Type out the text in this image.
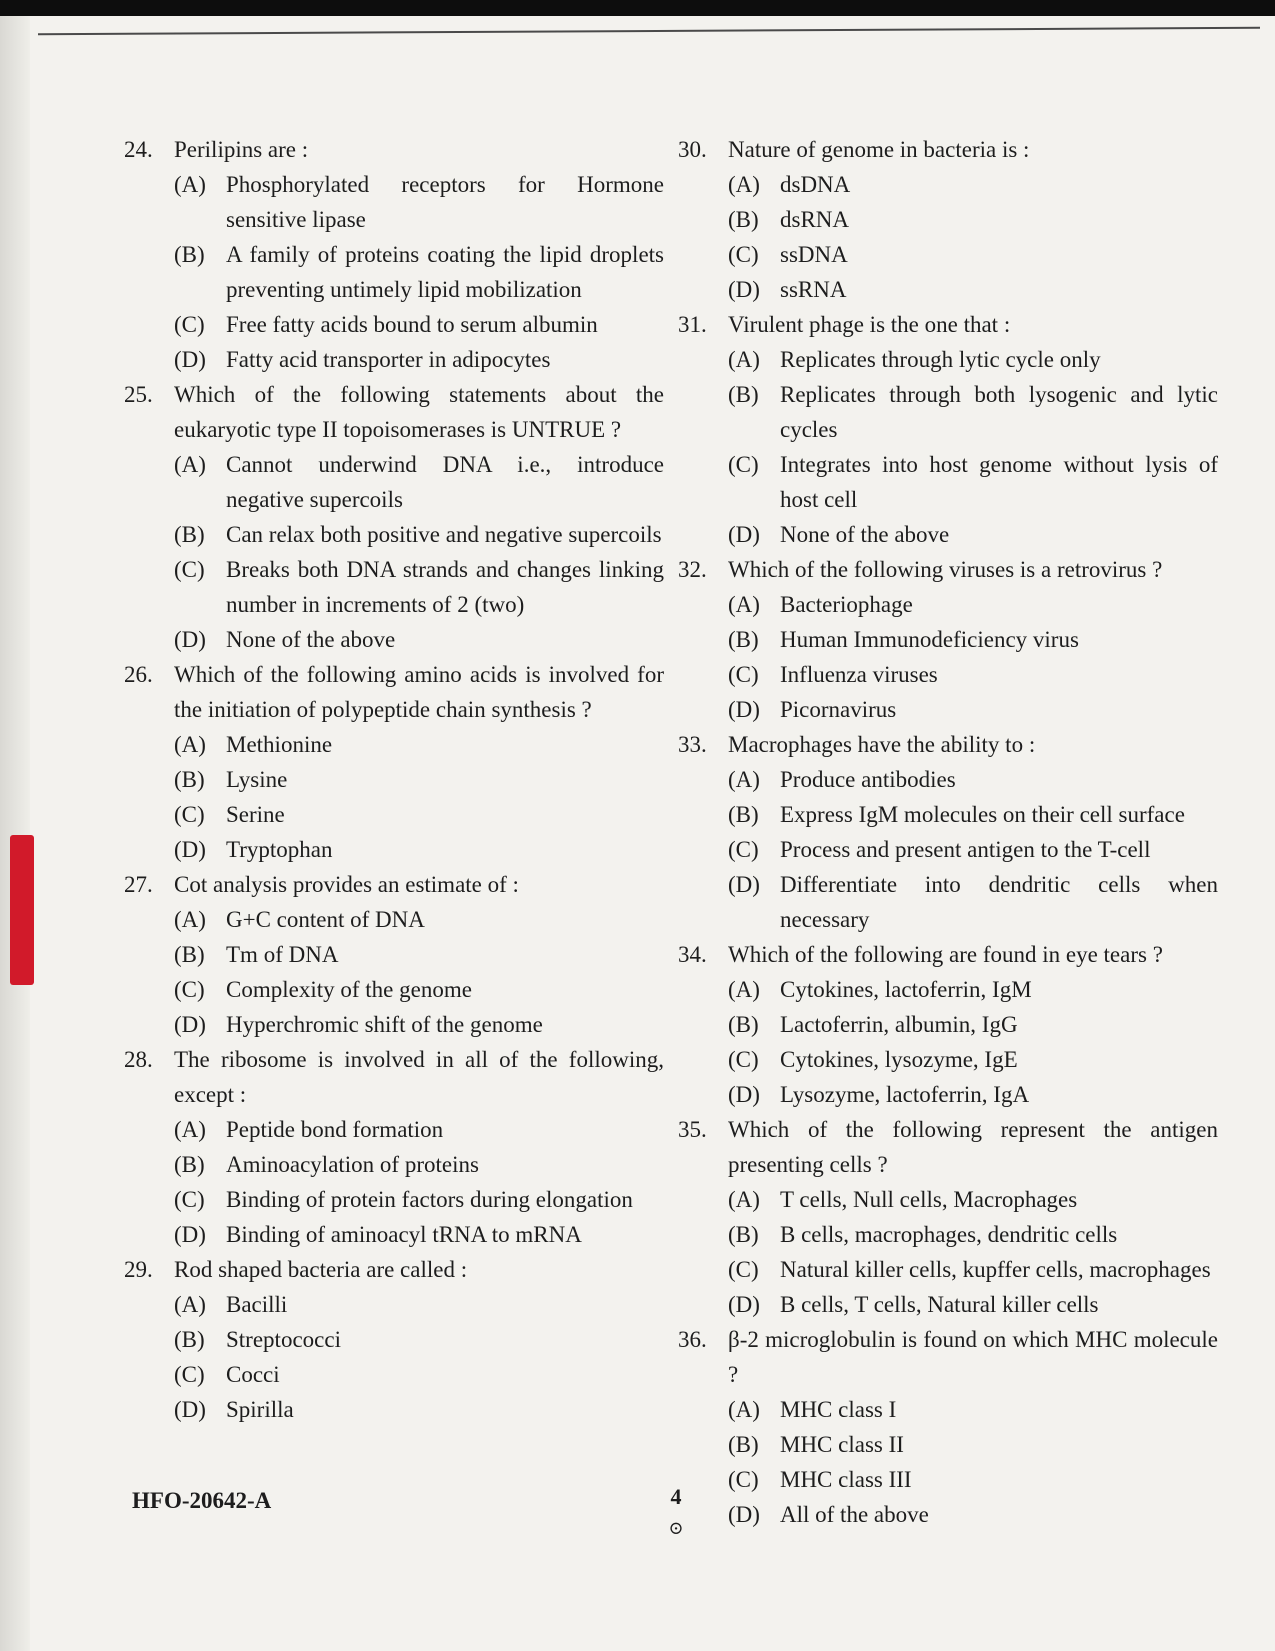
24. Perilipins are :
(A) Phosphorylated receptors for Hormone sensitive lipase
(B) A family of proteins coating the lipid droplets preventing untimely lipid mobilization
(C) Free fatty acids bound to serum albumin
(D) Fatty acid transporter in adipocytes
25. Which of the following statements about the eukaryotic type II topoisomerases is UNTRUE ?
(A) Cannot underwind DNA i.e., introduce negative supercoils
(B) Can relax both positive and negative supercoils
(C) Breaks both DNA strands and changes linking number in increments of 2 (two)
(D) None of the above
26. Which of the following amino acids is involved for the initiation of polypeptide chain synthesis ?
(A) Methionine
(B) Lysine
(C) Serine
(D) Tryptophan
27. Cot analysis provides an estimate of :
(A) G+C content of DNA
(B) Tm of DNA
(C) Complexity of the genome
(D) Hyperchromic shift of the genome
28. The ribosome is involved in all of the following, except :
(A) Peptide bond formation
(B) Aminoacylation of proteins
(C) Binding of protein factors during elongation
(D) Binding of aminoacyl tRNA to mRNA
29. Rod shaped bacteria are called :
(A) Bacilli
(B) Streptococci
(C) Cocci
(D) Spirilla
30. Nature of genome in bacteria is :
(A) dsDNA
(B) dsRNA
(C) ssDNA
(D) ssRNA
31. Virulent phage is the one that :
(A) Replicates through lytic cycle only
(B) Replicates through both lysogenic and lytic cycles
(C) Integrates into host genome without lysis of host cell
(D) None of the above
32. Which of the following viruses is a retrovirus ?
(A) Bacteriophage
(B) Human Immunodeficiency virus
(C) Influenza viruses
(D) Picornavirus
33. Macrophages have the ability to :
(A) Produce antibodies
(B) Express IgM molecules on their cell surface
(C) Process and present antigen to the T-cell
(D) Differentiate into dendritic cells when necessary
34. Which of the following are found in eye tears ?
(A) Cytokines, lactoferrin, IgM
(B) Lactoferrin, albumin, IgG
(C) Cytokines, lysozyme, IgE
(D) Lysozyme, lactoferrin, IgA
35. Which of the following represent the antigen presenting cells ?
(A) T cells, Null cells, Macrophages
(B) B cells, macrophages, dendritic cells
(C) Natural killer cells, kupffer cells, macrophages
(D) B cells, T cells, Natural killer cells
36. β-2 microglobulin is found on which MHC molecule ?
(A) MHC class I
(B) MHC class II
(C) MHC class III
(D) All of the above
HFO-20642-A	4
⊙
